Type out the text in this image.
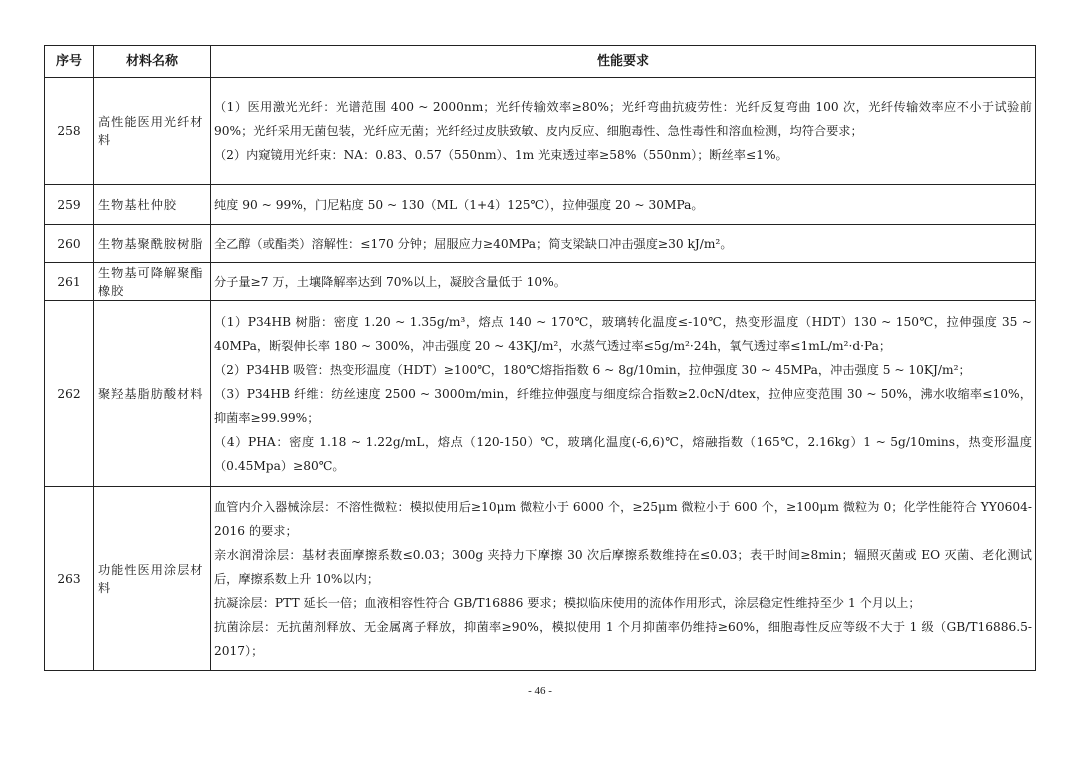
序号	材料名称	性能要求
258	高性能医用光纤材料	（1）医用激光光纤：光谱范围 400 ~ 2000nm；光纤传输效率≥80%；光纤弯曲抗疲劳性：光纤反复弯曲 100 次，光纤传输效率应不小于试验前 90%；光纤采用无菌包装，光纤应无菌；光纤经过皮肤致敏、皮内反应、细胞毒性、急性毒性和溶血检测，均符合要求；

（2）内窥镜用光纤束：NA：0.83、0.57（550nm）、1m 光束透过率≥58%（550nm）；断丝率≤1%。

259	生物基杜仲胶	纯度 90 ~ 99%，门尼粘度 50 ~ 130（ML（1+4）125℃），拉伸强度 20 ~ 30MPa。

260	生物基聚酰胺树脂	全乙醇（或酯类）溶解性：≤170 分钟；屈服应力≥40MPa；简支梁缺口冲击强度≥30 kJ/m²。

261	生物基可降解聚酯橡胶	分子量≥7 万，土壤降解率达到 70%以上，凝胶含量低于 10%。

262	聚羟基脂肪酸材料	（1）P34HB 树脂：密度 1.20 ~ 1.35g/m³，熔点 140 ~ 170℃，玻璃转化温度≤-10℃，热变形温度（HDT）130 ~ 150℃，拉伸强度 35 ~ 40MPa，断裂伸长率 180 ~ 300%，冲击强度 20 ~ 43KJ/m²，水蒸气透过率≤5g/m²·24h，氧气透过率≤1mL/m²·d·Pa；

（2）P34HB 吸管：热变形温度（HDT）≥100℃，180℃熔指指数 6 ~ 8g/10min，拉伸强度 30 ~ 45MPa，冲击强度 5 ~ 10KJ/m²；

（3）P34HB 纤维：纺丝速度 2500 ~ 3000m/min，纤维拉伸强度与细度综合指数≥2.0cN/dtex，拉伸应变范围 30 ~ 50%，沸水收缩率≤10%，抑菌率≥99.99%；

（4）PHA：密度 1.18 ~ 1.22g/mL，熔点（120-150）℃，玻璃化温度(-6,6)℃，熔融指数（165℃，2.16kg）1 ~ 5g/10mins，热变形温度（0.45Mpa）≥80℃。

263	功能性医用涂层材料	血管内介入器械涂层：不溶性微粒：模拟使用后≥10μm 微粒小于 6000 个，≥25μm 微粒小于 600 个，≥100μm 微粒为 0；化学性能符合 YY0604-2016 的要求；

亲水润滑涂层：基材表面摩擦系数≤0.03；300g 夹持力下摩擦 30 次后摩擦系数维持在≤0.03；表干时间≥8min；辐照灭菌或 EO 灭菌、老化测试后，摩擦系数上升 10%以内；

抗凝涂层：PTT 延长一倍；血液相容性符合 GB/T16886 要求；模拟临床使用的流体作用形式，涂层稳定性维持至少 1 个月以上；

抗菌涂层：无抗菌剂释放、无金属离子释放，抑菌率≥90%，模拟使用 1 个月抑菌率仍维持≥60%，细胞毒性反应等级不大于 1 级（GB/T16886.5-2017）；

- 46 -
